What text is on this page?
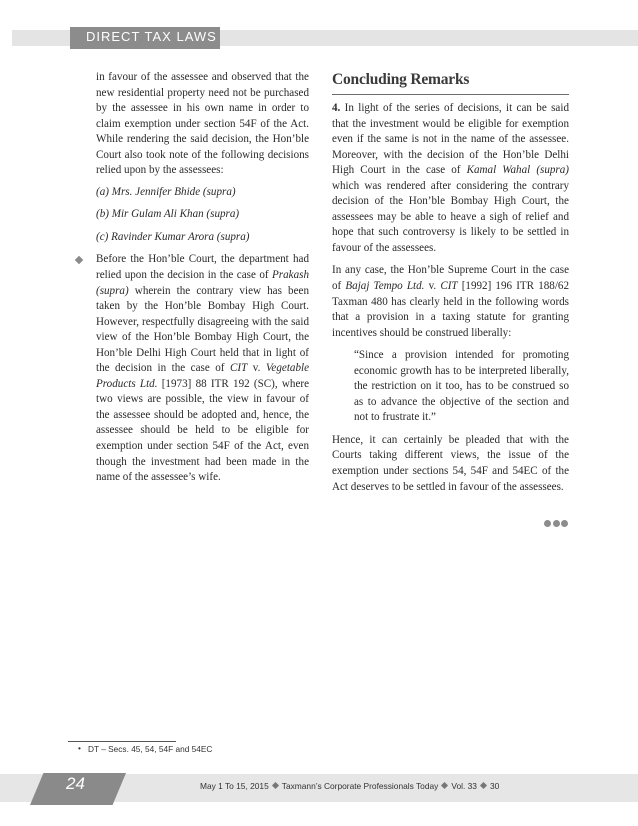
DIRECT TAX LAWS

in favour of the assessee and observed that the new residential property need not be purchased by the assessee in his own name in order to claim exemption under section 54F of the Act. While rendering the said decision, the Hon’ble Court also took note of the following decisions relied upon by the assessees:

(a) Mrs. Jennifer Bhide (supra)
(b) Mir Gulam Ali Khan (supra)
(c) Ravinder Kumar Arora (supra)

Before the Hon’ble Court, the department had relied upon the decision in the case of Prakash (supra) wherein the contrary view has been taken by the Hon’ble Bombay High Court. However, respectfully disagreeing with the said view of the Hon’ble Bombay High Court, the Hon’ble Delhi High Court held that in light of the decision in the case of CIT v. Vegetable Products Ltd. [1973] 88 ITR 192 (SC), where two views are possible, the view in favour of the assessee should be adopted and, hence, the assessee should be held to be eligible for exemption under section 54F of the Act, even though the investment had been made in the name of the assessee’s wife.

Concluding Remarks

4. In light of the series of decisions, it can be said that the investment would be eligible for exemption even if the same is not in the name of the assessee. Moreover, with the decision of the Hon’ble Delhi High Court in the case of Kamal Wahal (supra) which was rendered after considering the contrary decision of the Hon’ble Bombay High Court, the assessees may be able to heave a sigh of relief and hope that such controversy is likely to be settled in favour of the assessees.

In any case, the Hon’ble Supreme Court in the case of Bajaj Tempo Ltd. v. CIT [1992] 196 ITR 188/62 Taxman 480 has clearly held in the following words that a provision in a taxing statute for granting incentives should be construed liberally:

“Since a provision intended for promoting economic growth has to be interpreted liberally, the restriction on it too, has to be construed so as to advance the objective of the section and not to frustrate it.”

Hence, it can certainly be pleaded that with the Courts taking different views, the issue of the exemption under sections 54, 54F and 54EC of the Act deserves to be settled in favour of the assessees.

• DT – Secs. 45, 54, 54F and 54EC
24	May 1 To 15, 2015 Taxmann’s Corporate Professionals Today Vol. 33 30
